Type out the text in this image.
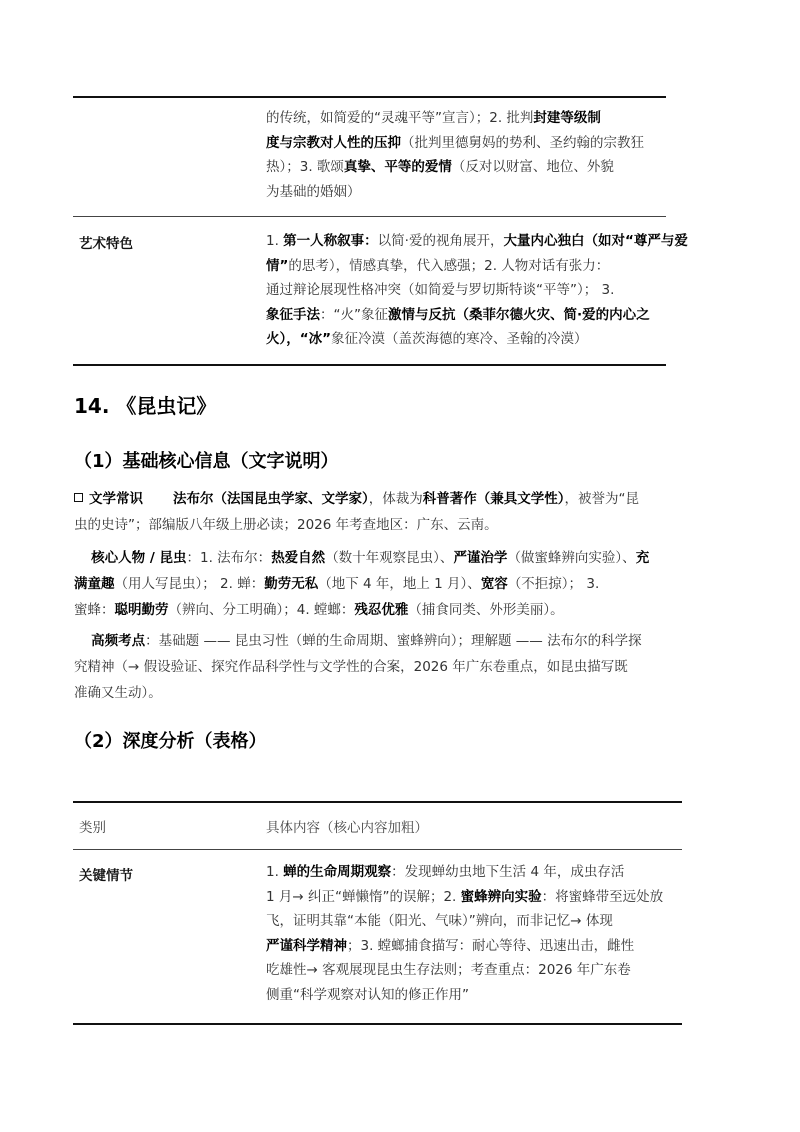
的传统，如简爱的“灵魂平等”宣言）；2. 批判封建等级制
度与宗教对人性的压抑（批判里德舅妈的势利、圣约翰的宗教狂
热）；3. 歌颂真挚、平等的爱情（反对以财富、地位、外貌
为基础的婚姻）
艺术特色	1. 第一人称叙事：以简·爱的视角展开，大量内心独白（如对“尊严与爱
情”的思考），情感真挚，代入感强；2. 人物对话有张力：
通过辩论展现性格冲突（如简爱与罗切斯特谈“平等”）； 3.
象征手法：“火”象征激情与反抗（桑菲尔德火灾、简·爱的内心之
火），“冰”象征冷漠（盖茨海德的寒冷、圣翰的冷漠）
14. 《昆虫记》
（1）基础核心信息（文字说明）
文学常识 法布尔（法国昆虫学家、文学家），体裁为科普著作（兼具文学性），被誉为“昆
虫的史诗”；部编版八年级上册必读；2026 年考查地区：广东、云南。
核心人物 / 昆虫：1. 法布尔：热爱自然（数十年观察昆虫）、严谨治学（做蜜蜂辨向实验）、充
满童趣（用人写昆虫）； 2. 蝉：勤劳无私（地下 4 年，地上 1 月）、宽容（不拒掠）； 3.
蜜蜂：聪明勤劳（辨向、分工明确）；4. 螳螂：残忍优雅（捕食同类、外形美丽）。
高频考点：基础题 —— 昆虫习性（蝉的生命周期、蜜蜂辨向）；理解题 —— 法布尔的科学探
究精神（→ 假设验证、探究作品科学性与文学性的合案，2026 年广东卷重点，如昆虫描写既
准确又生动）。
（2）深度分析（表格）
类别	具体内容（核心内容加粗）
关键情节	1. 蝉的生命周期观察：发现蝉幼虫地下生活 4 年，成虫存活
1 月→ 纠正“蝉懒惰”的误解；2. 蜜蜂辨向实验：将蜜蜂带至远处放
飞，证明其靠“本能（阳光、气味）”辨向，而非记忆→ 体现
严谨科学精神；3. 螳螂捕食描写：耐心等待、迅速出击，雌性
吃雄性→ 客观展现昆虫生存法则；考查重点：2026 年广东卷
侧重“科学观察对认知的修正作用”
